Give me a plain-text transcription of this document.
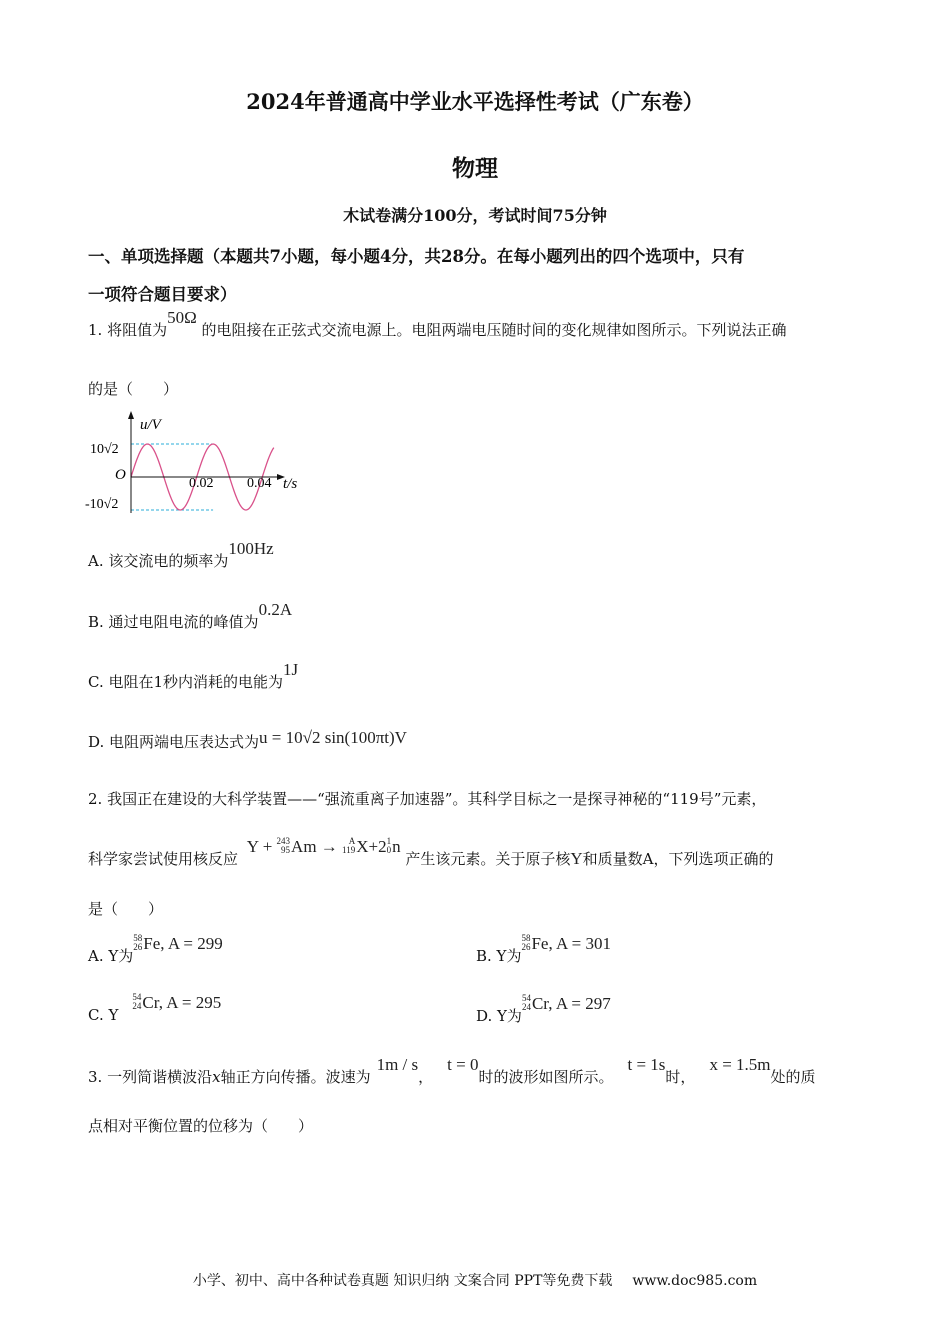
2024年普通高中学业水平选择性考试（广东卷）
物理
木试卷满分100分，考试时间75分钟
一、单项选择题（本题共7小题，每小题4分，共28分。在每小题列出的四个选项中，只有
一项符合题目要求）
1. 将阻值为50Ω 的电阻接在正弦式交流电源上。电阻两端电压随时间的变化规律如图所示。下列说法正确
的是（　　）
u/V
t/s
O
10√2
-10√2
0.02 0.04
A. 该交流电的频率为100Hz
B. 通过电阻电流的峰值为0.2A
C. 电阻在1秒内消耗的电能为1J
D. 电阻两端电压表达式为u = 10√2 sin(100πt)V
2. 我国正在建设的大科学装置——“强流重离子加速器”。其科学目标之一是探寻神秘的“119号”元素，
科学家尝试使用核反应 Y + 243
95 Am →	A
119 X+2 1
0 n 产生该元素。关于原子核Y和质量数A，下列选项正确的
是（　　）
A. Y为
58
26 Fe, A = 299
B. Y为
58
26 Fe, A = 301
C. Y
54
24 Cr, A = 295
D. Y为
54
24 Cr, A = 297
3. 一列简谐横波沿x轴正方向传播。波速为1m / s，t = 0时的波形如图所示。t = 1s时，x = 1.5m处的质
点相对平衡位置的位移为（　　）
小学、初中、高中各种试卷真题 知识归纳 文案合同 PPT等免费下载 www.doc985.com
